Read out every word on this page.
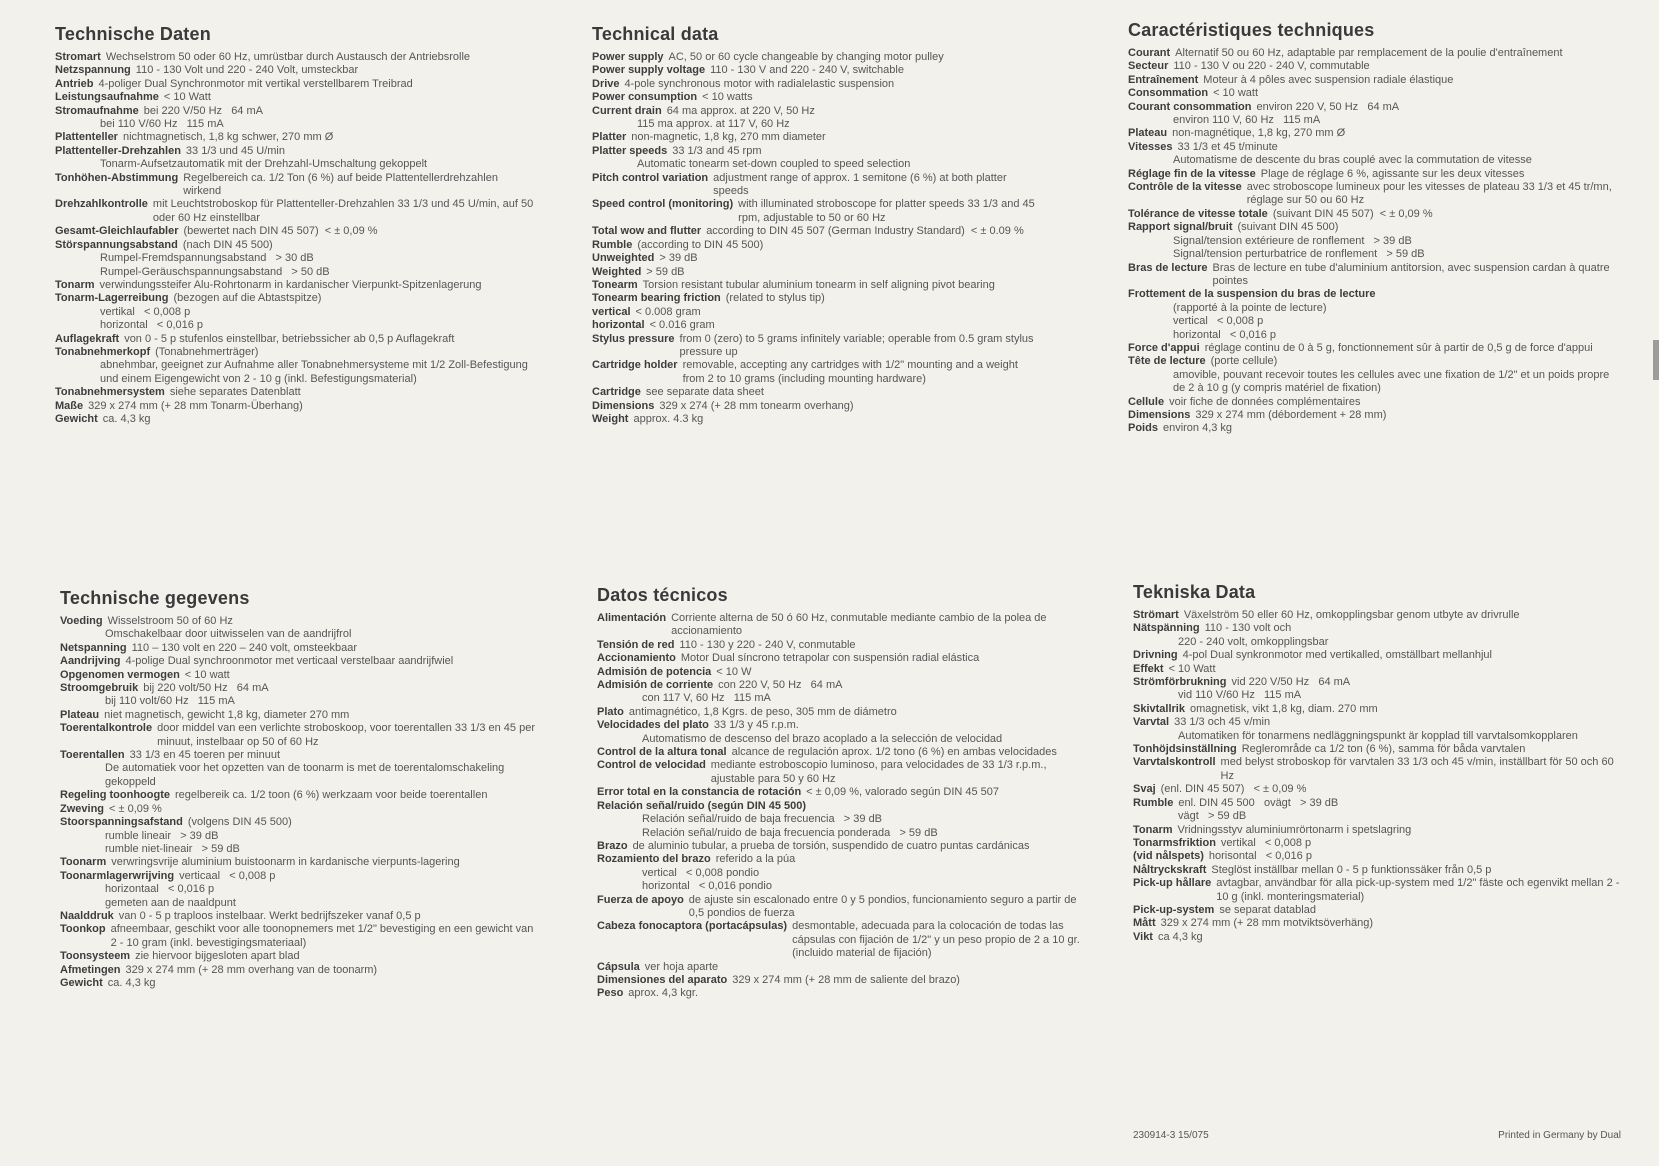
Technische Daten
Stromart Wechselstrom 50 oder 60 Hz, umrüstbar durch Austausch der Antriebsrolle
Netzspannung 110 - 130 Volt und 220 - 240 Volt, umsteckbar
Antrieb 4-poliger Dual Synchronmotor mit vertikal verstellbarem Treibrad
Leistungsaufnahme < 10 Watt
Stromaufnahme bei 220 V/50 Hz   64 mA
bei 110 V/60 Hz   115 mA
Plattenteller nichtmagnetisch, 1,8 kg schwer, 270 mm Ø
Plattenteller-Drehzahlen 33 1/3 und 45 U/min
Tonarm-Aufsetzautomatik mit der Drehzahl-Umschaltung gekoppelt
Tonhöhen-Abstimmung Regelbereich ca. 1/2 Ton (6 %) auf beide Plattentellerdrehzahlen wirkend
Drehzahlkontrolle mit Leuchtstroboskop für Plattenteller-Drehzahlen 33 1/3 und 45 U/min, auf 50 oder 60 Hz einstellbar
Gesamt-Gleichlaufabler (bewertet nach DIN 45 507)  < ± 0,09 %
Störspannungsabstand (nach DIN 45 500)
Rumpel-Fremdspannungsabstand   > 30 dB
Rumpel-Geräuschspannungsabstand   > 50 dB
Tonarm verwindungssteifer Alu-Rohrtonarm in kardanischer Vierpunkt-Spitzenlagerung
Tonarm-Lagerreibung (bezogen auf die Abtastspitze)
vertikal   < 0,008 p
horizontal   < 0,016 p
Auflagekraft von 0 - 5 p stufenlos einstellbar, betriebssicher ab 0,5 p Auflagekraft
Tonabnehmerkopf (Tonabnehmerträger)
abnehmbar, geeignet zur Aufnahme aller Tonabnehmersysteme mit 1/2 Zoll-Befestigung und einem Eigengewicht von 2 - 10 g (inkl. Befestigungsmaterial)
Tonabnehmersystem siehe separates Datenblatt
Maße 329 x 274 mm (+ 28 mm Tonarm-Überhang)
Gewicht ca. 4,3 kg
Technische gegevens
Voeding Wisselstroom 50 of 60 Hz
Omschakelbaar door uitwisselen van de aandrijfrol
Netspanning 110 – 130 volt en 220 – 240 volt, omsteekbaar
Aandrijving 4-polige Dual synchroonmotor met verticaal verstelbaar aandrijfwiel
Opgenomen vermogen < 10 watt
Stroomgebruik bij 220 volt/50 Hz   64 mA
bij 110 volt/60 Hz   115 mA
Plateau niet magnetisch, gewicht 1,8 kg, diameter 270 mm
Toerentalkontrole door middel van een verlichte stroboskoop, voor toerentallen 33 1/3 en 45 per minuut, instelbaar op 50 of 60 Hz
Toerentallen 33 1/3 en 45 toeren per minuut
De automatiek voor het opzetten van de toonarm is met de toerentalomschakeling gekoppeld
Regeling toonhoogte regelbereik ca. 1/2 toon (6 %) werkzaam voor beide toerentallen
Zweving < ± 0,09 %
Stoorspanningsafstand (volgens DIN 45 500)
rumble lineair   > 39 dB
rumble niet-lineair   > 59 dB
Toonarm verwringsvrije aluminium buistoonarm in kardanische vierpunts-lagering
Toonarmlagerwrijving verticaal   < 0,008 p
horizontaal   < 0,016 p
gemeten aan de naaldpunt
Naalddruk van 0 - 5 p traploos instelbaar. Werkt bedrijfszeker vanaf 0,5 p
Toonkop afneembaar, geschikt voor alle toonopnemers met 1/2" bevestiging en een gewicht van 2 - 10 gram (inkl. bevestigingsmateriaal)
Toonsysteem zie hiervoor bijgesloten apart blad
Afmetingen 329 x 274 mm (+ 28 mm overhang van de toonarm)
Gewicht ca. 4,3 kg
Technical data
Power supply AC, 50 or 60 cycle changeable by changing motor pulley
Power supply voltage 110 - 130 V and 220 - 240 V, switchable
Drive 4-pole synchronous motor with radialelastic suspension
Power consumption < 10 watts
Current drain 64 ma approx. at 220 V, 50 Hz
115 ma approx. at 117 V, 60 Hz
Platter non-magnetic, 1,8 kg, 270 mm diameter
Platter speeds 33 1/3 and 45 rpm
Automatic tonearm set-down coupled to speed selection
Pitch control variation adjustment range of approx. 1 semitone (6 %) at both platter speeds
Speed control (monitoring) with illuminated stroboscope for platter speeds 33 1/3 and 45 rpm, adjustable to 50 or 60 Hz
Total wow and flutter according to DIN 45 507 (German Industry Standard)  < ± 0.09 %
Rumble (according to DIN 45 500)
Unweighted > 39 dB
Weighted > 59 dB
Tonearm Torsion resistant tubular aluminium tonearm in self aligning pivot bearing
Tonearm bearing friction (related to stylus tip)
vertical < 0.008 gram
horizontal < 0.016 gram
Stylus pressure from 0 (zero) to 5 grams infinitely variable; operable from 0.5 gram stylus pressure up
Cartridge holder removable, accepting any cartridges with 1/2" mounting and a weight from 2 to 10 grams (including mounting hardware)
Cartridge see separate data sheet
Dimensions 329 x 274 (+ 28 mm tonearm overhang)
Weight approx. 4.3 kg
Datos técnicos
Alimentación Corriente alterna de 50 ó 60 Hz, conmutable mediante cambio de la polea de accionamiento
Tensión de red 110 - 130 y 220 - 240 V, conmutable
Accionamiento Motor Dual síncrono tetrapolar con suspensión radial elástica
Admisión de potencia < 10 W
Admisión de corriente con 220 V, 50 Hz   64 mA
con 117 V, 60 Hz   115 mA
Plato antimagnético, 1,8 Kgrs. de peso, 305 mm de diámetro
Velocidades del plato 33 1/3 y 45 r.p.m.
Automatismo de descenso del brazo acoplado a la selección de velocidad
Control de la altura tonal alcance de regulación aprox. 1/2 tono (6 %) en ambas velocidades
Control de velocidad mediante estroboscopio luminoso, para velocidades de 33 1/3 r.p.m., ajustable para 50 y 60 Hz
Error total en la constancia de rotación < ± 0,09 %, valorado según DIN 45 507
Relación señal/ruido (según DIN 45 500)
Relación señal/ruido de baja frecuencia   > 39 dB
Relación señal/ruido de baja frecuencia ponderada   > 59 dB
Brazo de aluminio tubular, a prueba de torsión, suspendido de cuatro puntas cardánicas
Rozamiento del brazo referido a la púa
vertical   < 0,008 pondio
horizontal   < 0,016 pondio
Fuerza de apoyo de ajuste sin escalonado entre 0 y 5 pondios, funcionamiento seguro a partir de 0,5 pondios de fuerza
Cabeza fonocaptora (portacápsulas) desmontable, adecuada para la colocación de todas las cápsulas con fijación de 1/2" y un peso propio de 2 a 10 gr. (incluido material de fijación)
Cápsula ver hoja aparte
Dimensiones del aparato 329 x 274 mm (+ 28 mm de saliente del brazo)
Peso aprox. 4,3 kgr.
Caractéristiques techniques
Courant Alternatif 50 ou 60 Hz, adaptable par remplacement de la poulie d'entraînement
Secteur 110 - 130 V ou 220 - 240 V, commutable
Entraînement Moteur à 4 pôles avec suspension radiale élastique
Consommation < 10 watt
Courant consommation environ 220 V, 50 Hz   64 mA
environ 110 V, 60 Hz   115 mA
Plateau non-magnétique, 1,8 kg, 270 mm Ø
Vitesses 33 1/3 et 45 t/minute
Automatisme de descente du bras couplé avec la commutation de vitesse
Réglage fin de la vitesse Plage de réglage 6 %, agissante sur les deux vitesses
Contrôle de la vitesse avec stroboscope lumineux pour les vitesses de plateau 33 1/3 et 45 tr/mn, réglage sur 50 ou 60 Hz
Tolérance de vitesse totale (suivant DIN 45 507)  < ± 0,09 %
Rapport signal/bruit (suivant DIN 45 500)
Signal/tension extérieure de ronflement   > 39 dB
Signal/tension perturbatrice de ronflement   > 59 dB
Bras de lecture Bras de lecture en tube d'aluminium antitorsion, avec suspension cardan à quatre pointes
Frottement de la suspension du bras de lecture
(rapporté à la pointe de lecture)
vertical   < 0,008 p
horizontal   < 0,016 p
Force d'appui réglage continu de 0 à 5 g, fonctionnement sûr à partir de 0,5 g de force d'appui
Tête de lecture (porte cellule)
amovible, pouvant recevoir toutes les cellules avec une fixation de 1/2" et un poids propre de 2 à 10 g (y compris matériel de fixation)
Cellule voir fiche de données complémentaires
Dimensions 329 x 274 mm (débordement + 28 mm)
Poids environ 4,3 kg
Tekniska Data
Strömart Växelström 50 eller 60 Hz, omkopplingsbar genom utbyte av drivrulle
Nätspänning 110 - 130 volt och
220 - 240 volt, omkopplingsbar
Drivning 4-pol Dual synkronmotor med vertikalled, omställbart mellanhjul
Effekt < 10 Watt
Strömförbrukning vid 220 V/50 Hz   64 mA
vid 110 V/60 Hz   115 mA
Skivtallrik omagnetisk, vikt 1,8 kg, diam. 270 mm
Varvtal 33 1/3 och 45 v/min
Automatiken för tonarmens nedläggningspunkt är kopplad till varvtalsomkopplaren
Tonhöjdsinställning Reglerområde ca 1/2 ton (6 %), samma för båda varvtalen
Varvtalskontroll med belyst stroboskop för varvtalen 33 1/3 och 45 v/min, inställbart för 50 och 60 Hz
Svaj (enl. DIN 45 507)   < ± 0,09 %
Rumble enl. DIN 45 500   ovägt   > 39 dB
vägt   > 59 dB
Tonarm Vridningsstyv aluminiumrörtonarm i spetslagring
Tonarmsfriktion vertikal   < 0,008 p
(vid nålspets) horisontal   < 0,016 p
Nåltryckskraft Steglöst inställbar mellan 0 - 5 p funktionssäker från 0,5 p
Pick-up hållare avtagbar, användbar för alla pick-up-system med 1/2" fäste och egenvikt mellan 2 - 10 g (inkl. monteringsmaterial)
Pick-up-system se separat datablad
Mått 329 x 274 mm (+ 28 mm motviktsöverhäng)
Vikt ca 4,3 kg
230914-3 15/075	Printed in Germany by Dual
